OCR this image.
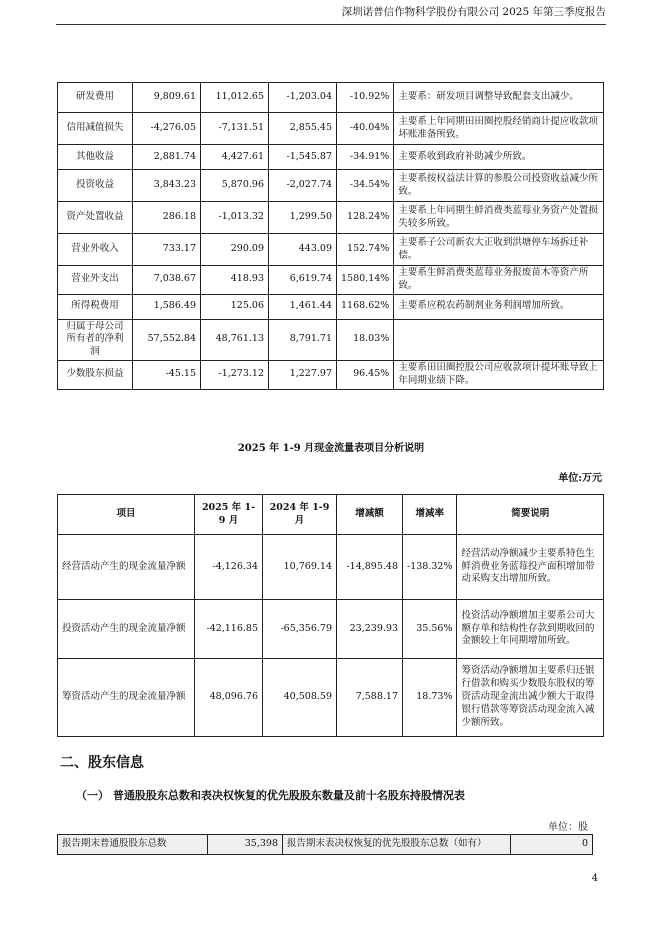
深圳诺普信作物科学股份有限公司 2025 年第三季度报告
研发费用	9,809.61	11,012.65	-1,203.04	-10.92%	主要系：研发项目调整导致配套支出减少。
信用减值损失	-4,276.05	-7,131.51	2,855.45	-40.04%	主要系上年同期田田圈控股经销商计提应收款项坏账准备所致。
其他收益	2,881.74	4,427.61	-1,545.87	-34.91%	主要系收到政府补助减少所致。
投资收益	3,843.23	5,870.96	-2,027.74	-34.54%	主要系按权益法计算的参股公司投资收益减少所致。
资产处置收益	286.18	-1,013.32	1,299.50	128.24%	主要系上年同期生鲜消费类蓝莓业务资产处置损失较多所致。
营业外收入	733.17	290.09	443.09	152.74%	主要系子公司新农大正收到洪塘停车场拆迁补偿。
营业外支出	7,038.67	418.93	6,619.74	1580.14%	主要系生鲜消费类蓝莓业务报废苗木等资产所致。
所得税费用	1,586.49	125.06	1,461.44	1168.62%	主要系应税农药制剂业务利润增加所致。
归属于母公司所有者的净利润	57,552.84	48,761.13	8,791.71	18.03%	
少数股东损益	-45.15	-1,273.12	1,227.97	96.45%	主要系田田圈控股公司应收款项计提坏账导致上年同期业绩下降。
2025 年 1-9 月现金流量表项目分析说明
单位:万元
项目	2025 年 1-9 月	2024 年 1-9 月	增减额	增减率	简要说明
经营活动产生的现金流量净额	-4,126.34	10,769.14	-14,895.48	-138.32%	经营活动净额减少主要系特色生鲜消费业务蓝莓投产面积增加带动采购支出增加所致。
投资活动产生的现金流量净额	-42,116.85	-65,356.79	23,239.93	35.56%	投资活动净额增加主要系公司大额存单和结构性存款到期收回的金额较上年同期增加所致。
筹资活动产生的现金流量净额	48,096.76	40,508.59	7,588.17	18.73%	筹资活动净额增加主要系归还银行借款和购买少数股东股权的筹资活动现金流出减少额大于取得银行借款等筹资活动现金流入减少额所致。
二、股东信息
（一） 普通股股东总数和表决权恢复的优先股股东数量及前十名股东持股情况表
单位：股
报告期末普通股股东总数	35,398	报告期末表决权恢复的优先股股东总数（如有）	0
4
